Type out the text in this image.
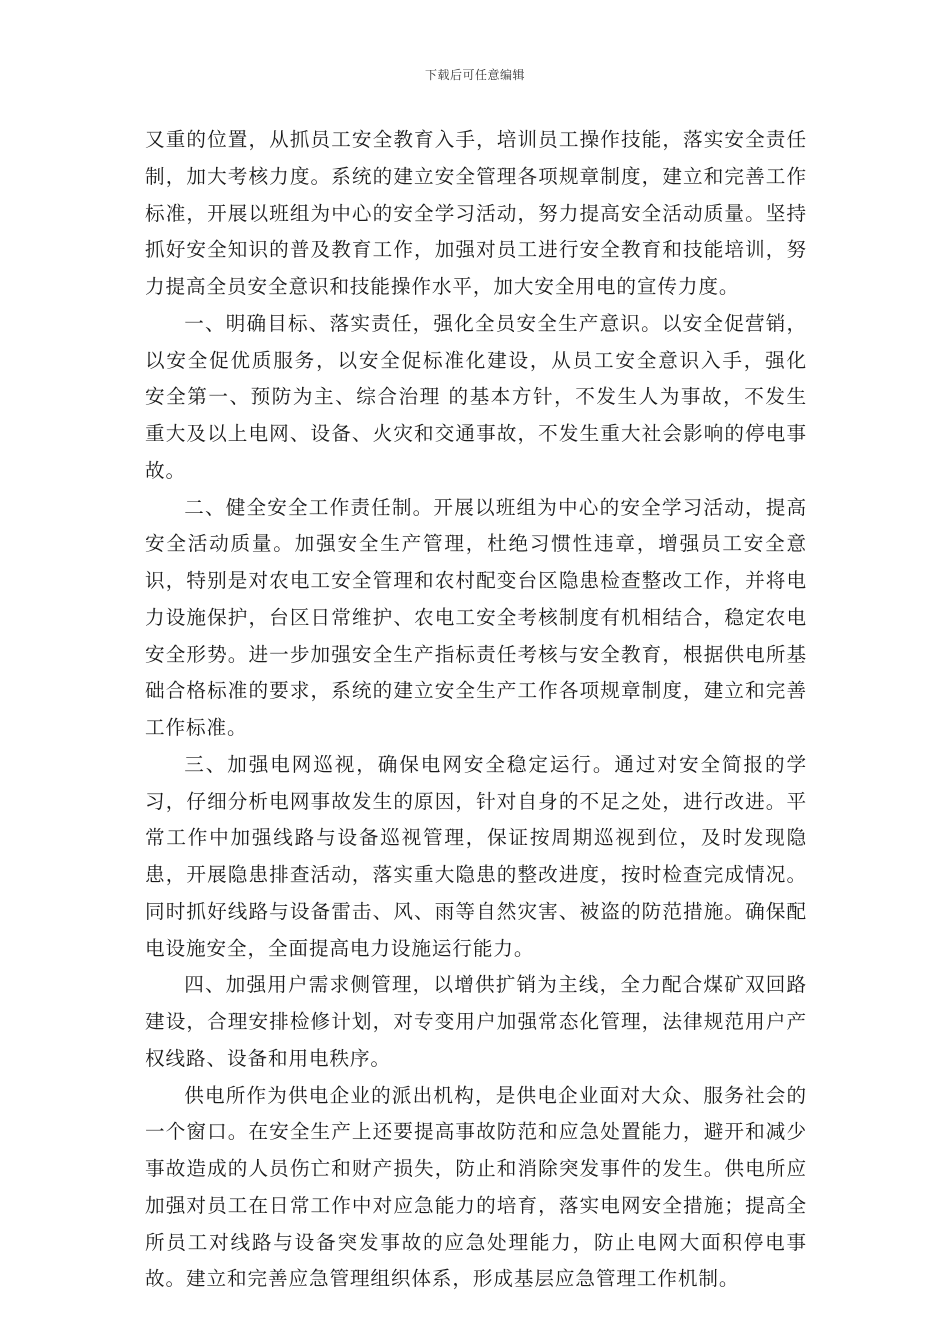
下载后可任意编辑

又重的位置，从抓员工安全教育入手，培训员工操作技能，落实安全责任制，加大考核力度。系统的建立安全管理各项规章制度，建立和完善工作标准，开展以班组为中心的安全学习活动，努力提高安全活动质量。坚持抓好安全知识的普及教育工作，加强对员工进行安全教育和技能培训，努力提高全员安全意识和技能操作水平，加大安全用电的宣传力度。

一、明确目标、落实责任，强化全员安全生产意识。以安全促营销，以安全促优质服务，以安全促标准化建设，从员工安全意识入手，强化 安全第一、预防为主、综合治理 的基本方针，不发生人为事故，不发生重大及以上电网、设备、火灾和交通事故，不发生重大社会影响的停电事故。

二、健全安全工作责任制。开展以班组为中心的安全学习活动，提高安全活动质量。加强安全生产管理，杜绝习惯性违章，增强员工安全意识，特别是对农电工安全管理和农村配变台区隐患检查整改工作，并将电力设施保护，台区日常维护、农电工安全考核制度有机相结合，稳定农电安全形势。进一步加强安全生产指标责任考核与安全教育，根据供电所基础合格标准的要求，系统的建立安全生产工作各项规章制度，建立和完善工作标准。

三、加强电网巡视，确保电网安全稳定运行。通过对安全简报的学习，仔细分析电网事故发生的原因，针对自身的不足之处，进行改进。平常工作中加强线路与设备巡视管理，保证按周期巡视到位，及时发现隐患，开展隐患排查活动，落实重大隐患的整改进度，按时检查完成情况。同时抓好线路与设备雷击、风、雨等自然灾害、被盗的防范措施。确保配电设施安全，全面提高电力设施运行能力。

四、加强用户需求侧管理，以增供扩销为主线，全力配合煤矿双回路建设，合理安排检修计划，对专变用户加强常态化管理，法律规范用户产权线路、设备和用电秩序。

供电所作为供电企业的派出机构，是供电企业面对大众、服务社会的一个窗口。在安全生产上还要提高事故防范和应急处置能力，避开和减少事故造成的人员伤亡和财产损失，防止和消除突发事件的发生。供电所应加强对员工在日常工作中对应急能力的培育，落实电网安全措施；提高全所员工对线路与设备突发事故的应急处理能力，防止电网大面积停电事故。建立和完善应急管理组织体系，形成基层应急管理工作机制。
